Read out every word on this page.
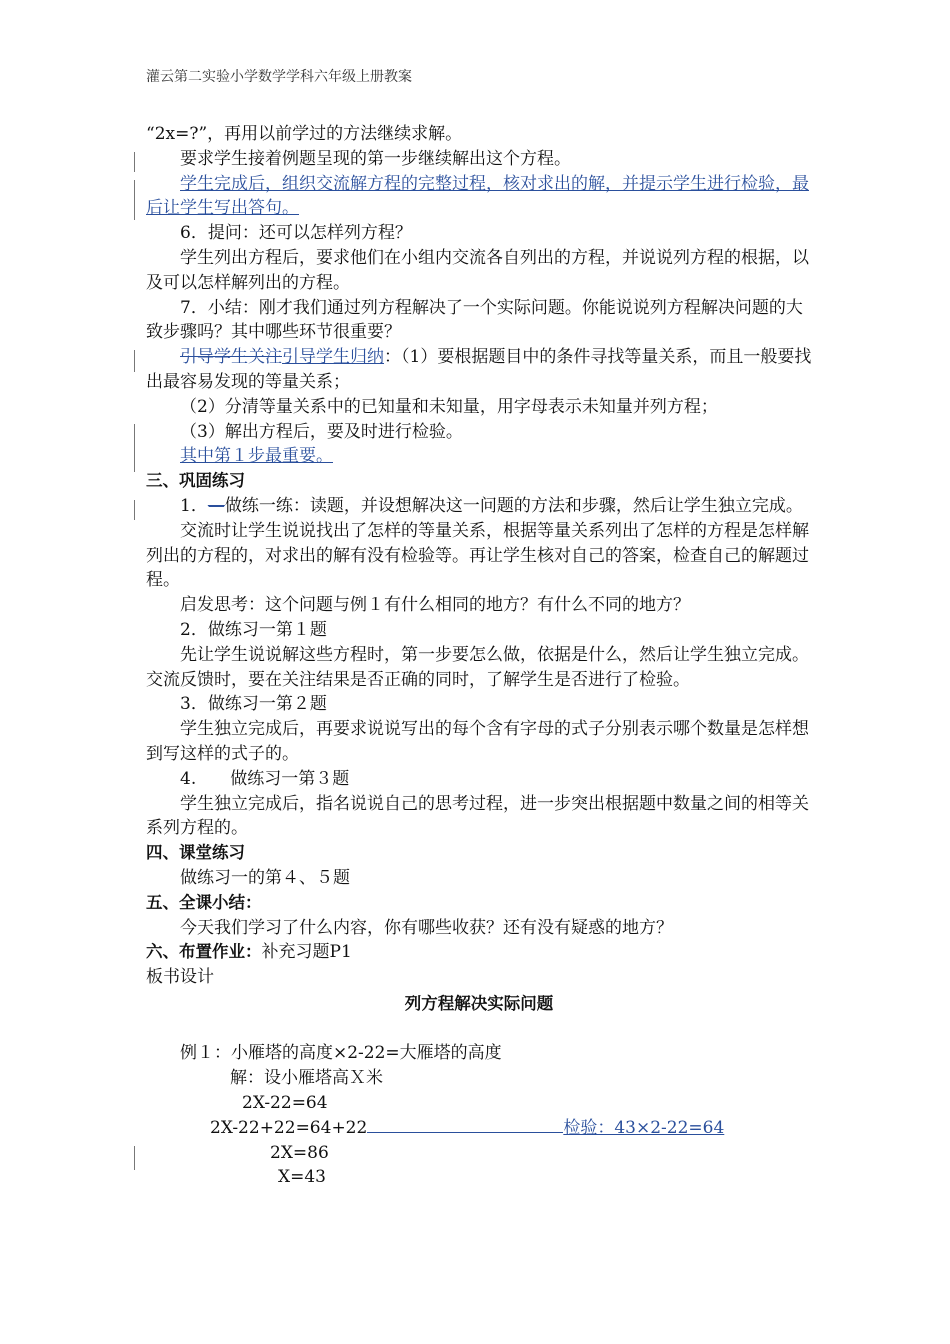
灌云第二实验小学数学学科六年级上册教案

“2x=?”，再用以前学过的方法继续求解。

要求学生接着例题呈现的第一步继续解出这个方程。

学生完成后，组织交流解方程的完整过程，核对求出的解，并提示学生进行检验，最后让学生写出答句。

6．提问：还可以怎样列方程？

学生列出方程后，要求他们在小组内交流各自列出的方程，并说说列方程的根据，以及可以怎样解列出的方程。

7．小结：刚才我们通过列方程解决了一个实际问题。你能说说列方程解决问题的大致步骤吗？其中哪些环节很重要？

引导学生关注引导学生归纳：（1）要根据题目中的条件寻找等量关系，而且一般要找出最容易发现的等量关系；

（2）分清等量关系中的已知量和未知量，用字母表示未知量并列方程；

（3）解出方程后，要及时进行检验。

其中第１步最重要。

三、巩固练习

1．—做练一练：读题，并设想解决这一问题的方法和步骤，然后让学生独立完成。

交流时让学生说说找出了怎样的等量关系，根据等量关系列出了怎样的方程是怎样解列出的方程的，对求出的解有没有检验等。再让学生核对自己的答案，检查自己的解题过程。

启发思考：这个问题与例１有什么相同的地方？有什么不同的地方？

2．做练习一第１题

先让学生说说解这些方程时，第一步要怎么做，依据是什么，然后让学生独立完成。交流反馈时，要在关注结果是否正确的同时，了解学生是否进行了检验。

3．做练习一第２题

学生独立完成后，再要求说说写出的每个含有字母的式子分别表示哪个数量是怎样想到写这样的式子的。

4.　　做练习一第３题

学生独立完成后，指名说说自己的思考过程，进一步突出根据题中数量之间的相等关系列方程的。

四、课堂练习

做练习一的第４、５题

五、全课小结：

今天我们学习了什么内容，你有哪些收获？还有没有疑惑的地方？

六、布置作业：补充习题P1

板书设计

列方程解决实际问题

例１：小雁塔的高度×2-22=大雁塔的高度

解：设小雁塔高Ｘ米

2X-22=64

2X-22+22=64+22	检验：43×2-22=64

2X=86

X=43
